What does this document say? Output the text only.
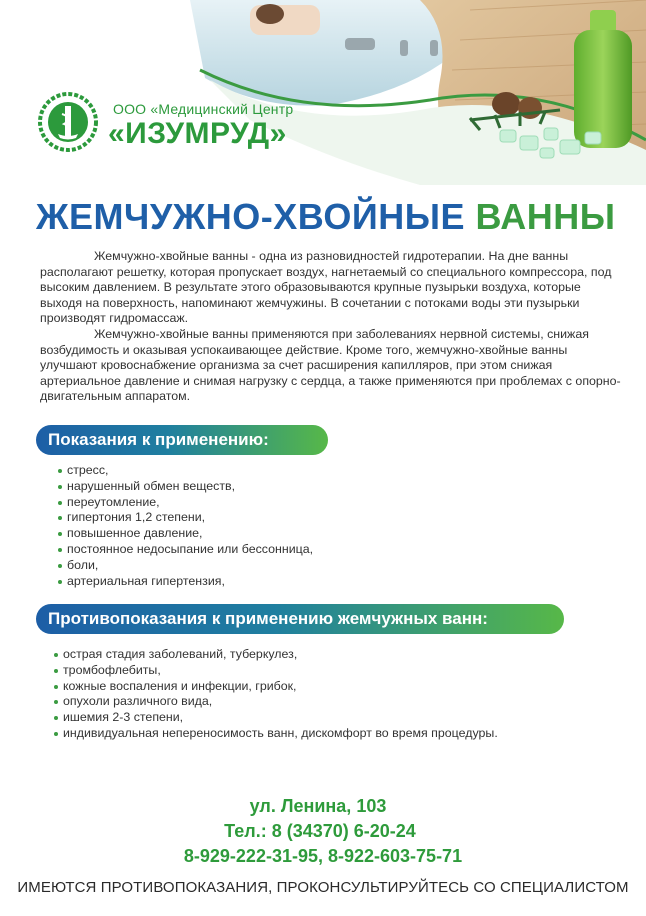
ООО «Медицинский Центр
«ИЗУМРУД»
ЖЕМЧУЖНО-ХВОЙНЫЕ ВАННЫ

Жемчужно-хвойные ванны - одна из разновидностей гидротерапии. На дне ванны располагают решетку, которая пропускает воздух, нагнетаемый со специального компрессора, под высоким давлением. В результате этого образовываются крупные пузырьки воздуха, которые выходя на поверхность, напоминают жемчужины. В сочетании с потоками воды эти пузырьки производят гидромассаж.

Жемчужно-хвойные ванны применяются при заболеваниях нервной системы, снижая возбудимость и оказывая успокаивающее действие. Кроме того, жемчужно-хвойные ванны улучшают кровоснабжение организма за счет расширения капилляров, при этом снижая артериальное давление и снимая нагрузку с сердца, а также применяются при проблемах с опорно-двигательным аппаратом.

Показания к применению:
стресс,
нарушенный обмен веществ,
переутомление,
гипертония 1,2 степени,
повышенное давление,
постоянное недосыпание или бессонница,
боли,
артериальная гипертензия,
Противопоказания к применению жемчужных ванн:
острая стадия заболеваний, туберкулез,
тромбофлебиты,
кожные воспаления и инфекции, грибок,
опухоли различного вида,
ишемия 2-3 степени,
индивидуальная непереносимость ванн, дискомфорт во время процедуры.
ул. Ленина, 103
Тел.: 8 (34370) 6-20-24
8-929-222-31-95, 8-922-603-75-71
ИМЕЮТСЯ ПРОТИВОПОКАЗАНИЯ, ПРОКОНСУЛЬТИРУЙТЕСЬ СО СПЕЦИАЛИСТОМ
